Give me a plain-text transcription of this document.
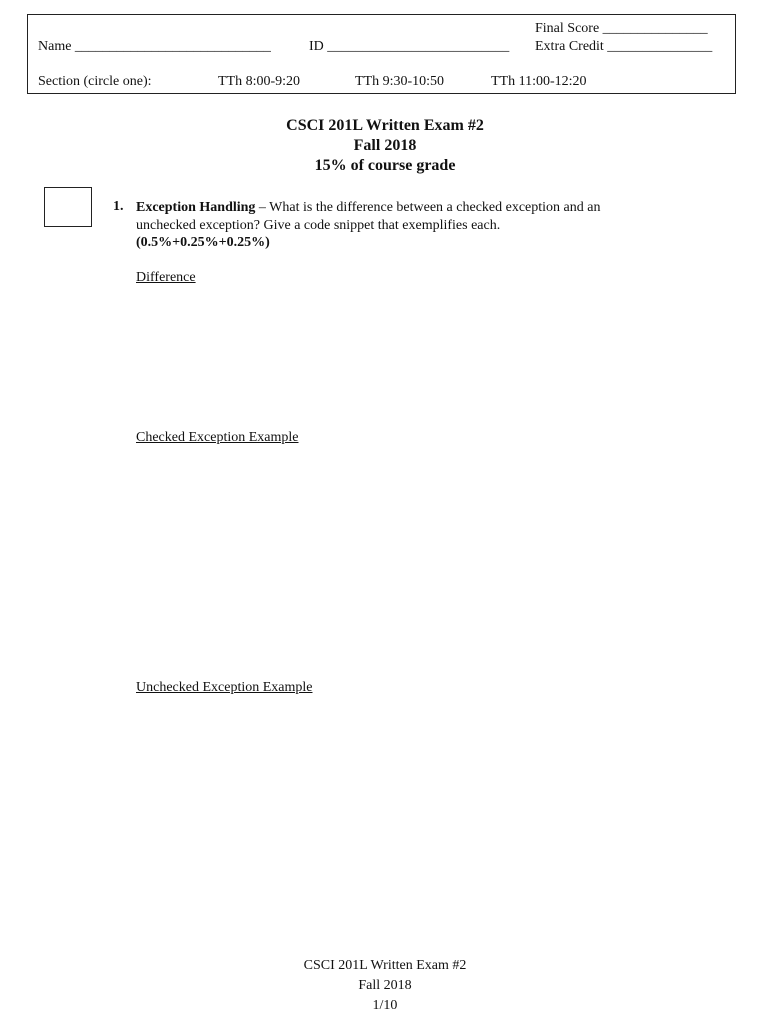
Name ____________________________	ID __________________________
Final Score _______________
Extra Credit _______________
Section (circle one):	TTh 8:00-9:20	TTh 9:30-10:50	TTh 11:00-12:20
CSCI 201L Written Exam #2
Fall 2018
15% of course grade
1. Exception Handling – What is the difference between a checked exception and an
unchecked exception? Give a code snippet that exemplifies each.
(0.5%+0.25%+0.25%)
Difference
Checked Exception Example
Unchecked Exception Example
CSCI 201L Written Exam #2
Fall 2018
1/10
